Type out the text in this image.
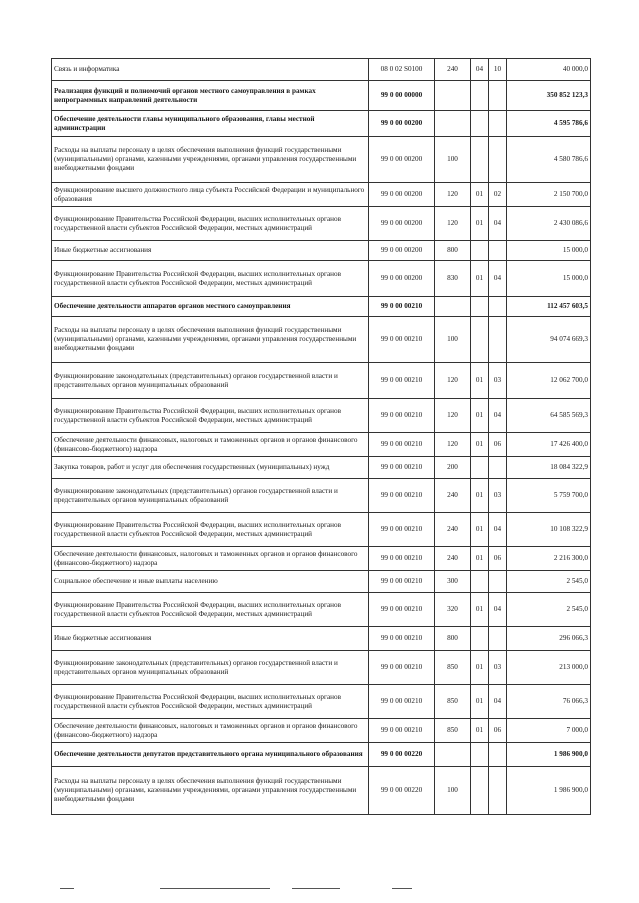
Связь и информатика	08 0 02 S0100	240	04	10	40 000,0
Реализация функций и полномочий органов местного самоуправления в рамках непрограммных направлений деятельности	99 0 00 00000				350 852 123,3
Обеспечение деятельности главы муниципального образования, главы местной администрации	99 0 00 00200				4 595 786,6
Расходы на выплаты персоналу в целях обеспечения выполнения функций государственными (муниципальными) органами, казенными учреждениями, органами управления государственными внебюджетными фондами	99 0 00 00200	100			4 580 786,6
Функционирование высшего должностного лица субъекта Российской Федерации и муниципального образования	99 0 00 00200	120	01	02	2 150 700,0
Функционирование Правительства Российской Федерации, высших исполнительных органов государственной власти субъектов Российской Федерации, местных администраций	99 0 00 00200	120	01	04	2 430 086,6
Иные бюджетные ассигнования	99 0 00 00200	800			15 000,0
Функционирование Правительства Российской Федерации, высших исполнительных органов государственной власти субъектов Российской Федерации, местных администраций	99 0 00 00200	830	01	04	15 000,0
Обеспечение деятельности аппаратов органов местного самоуправления	99 0 00 00210				112 457 603,5
Расходы на выплаты персоналу в целях обеспечения выполнения функций государственными (муниципальными) органами, казенными учреждениями, органами управления государственными внебюджетными фондами	99 0 00 00210	100			94 074 669,3
Функционирование законодательных (представительных) органов государственной власти и представительных органов муниципальных образований	99 0 00 00210	120	01	03	12 062 700,0
Функционирование Правительства Российской Федерации, высших исполнительных органов государственной власти субъектов Российской Федерации, местных администраций	99 0 00 00210	120	01	04	64 585 569,3
Обеспечение деятельности финансовых, налоговых и таможенных органов и органов финансового (финансово-бюджетного) надзора	99 0 00 00210	120	01	06	17 426 400,0
Закупка товаров, работ и услуг для обеспечения государственных (муниципальных) нужд	99 0 00 00210	200			18 084 322,9
Функционирование законодательных (представительных) органов государственной власти и представительных органов муниципальных образований	99 0 00 00210	240	01	03	5 759 700,0
Функционирование Правительства Российской Федерации, высших исполнительных органов государственной власти субъектов Российской Федерации, местных администраций	99 0 00 00210	240	01	04	10 108 322,9
Обеспечение деятельности финансовых, налоговых и таможенных органов и органов финансового (финансово-бюджетного) надзора	99 0 00 00210	240	01	06	2 216 300,0
Социальное обеспечение и иные выплаты населению	99 0 00 00210	300			2 545,0
Функционирование Правительства Российской Федерации, высших исполнительных органов государственной власти субъектов Российской Федерации, местных администраций	99 0 00 00210	320	01	04	2 545,0
Иные бюджетные ассигнования	99 0 00 00210	800			296 066,3
Функционирование законодательных (представительных) органов государственной власти и представительных органов муниципальных образований	99 0 00 00210	850	01	03	213 000,0
Функционирование Правительства Российской Федерации, высших исполнительных органов государственной власти субъектов Российской Федерации, местных администраций	99 0 00 00210	850	01	04	76 066,3
Обеспечение деятельности финансовых, налоговых и таможенных органов и органов финансового (финансово-бюджетного) надзора	99 0 00 00210	850	01	06	7 000,0
Обеспечение деятельности депутатов представительного органа муниципального образования	99 0 00 00220				1 986 900,0
Расходы на выплаты персоналу в целях обеспечения выполнения функций государственными (муниципальными) органами, казенными учреждениями, органами управления государственными внебюджетными фондами	99 0 00 00220	100			1 986 900,0
